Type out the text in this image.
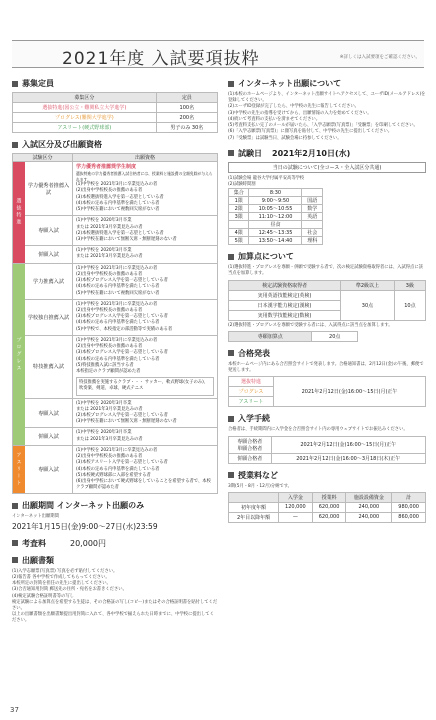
2021年度 入試要項抜粋	※詳しくは入試要項をご確認ください。
募集定員
募集区分	定員
選抜特進(図公立・難関私立大学進学)	100名
プログレス(難関大学進学)	200名
アスリート(硬式野球部)	男子のみ 30名
入試区分及び出願資格
試験区分	出願資格
選抜特進
学力優秀者推薦入試
学力優秀者推薦奨学生制度
選抜特進の学力優秀者推薦入試合格者には、授業料と施設費の全額免除が与えられます。
(1)中学校を 2021年3月に卒業見込みの者
(2)出身中学校校長の推薦のある者
(3)本校選抜特進入学を第一志望としている者
(4)本校の定める内申基準を満たしている者
(5)中学校在籍において複数回欠席がない者
専願入試
(1)中学校を 2020年3月卒業
または 2021年3月卒業見込みの者
(2)本校選抜特進入学を第一志望としている者
(3)中学校在籍において無断欠席・無断遅刻のない者
併願入試
(1)中学校を 2020年3月卒業
または 2021年3月卒業見込みの者
プログレス
学力推薦入試
(1)中学校を 2021年3月に卒業見込みの者
(2)出身中学校校長の推薦のある者
(3)本校プログレス入学を第一志望としている者
(4)本校の定める内申基準を満たしている者
(5)中学校在籍において複数回欠席がない者
学校独自推薦入試
(1)中学校を 2021年3月に卒業見込みの者
(2)出身中学校校長の推薦のある者
(3)本校プログレス入学を第一志望としている者
(4)本校の定める内申基準を満たしている者
(5)中学校で、本校指定の部活動等で実績のある者
特技推薦入試
(1)中学校を 2021年3月に卒業見込みの者
(2)出身中学校校長の推薦のある者
(3)本校プログレス入学を第一志望としている者
(4)本校の定める内申基準を満たしている者
(5)特技推薦入試に該当する者
本校指定のクラブ顧問が認めた者
特技推薦を実施するクラブ・・・ サッカー、軟式野球(女子のみ)、吹奏楽、剣道、卓球、硬式テニス
専願入試
(1)中学校を 2020年3月卒業
または 2021年3月卒業見込みの者
(2)本校プログレス入学を第一志望としている者
(3)中学校在籍において無断欠席・無断遅刻のない者
併願入試
(1)中学校を 2020年3月卒業
または 2021年3月卒業見込みの者
アスリート	専願入試
(1)中学校を 2021年3月に卒業見込みの者
(2)出身中学校校長の推薦のある者
(3)本校アスリート入学を第一志望としている者
(4)本校の定める内申基準を満たしている者
(5)本校硬式野球部に入部を希望する者
(6)出身中学校において硬式野球をしていることを希望する者で、本校クラブ顧問が認めた者
出願期間 インターネット出願のみ
インターネット出願期間
2021年1月15日(金)9:00〜27日(水)23:59
考査料	20,000円
出願書類
(1)入学志願票(写真票) 写真を必ず貼付してください。
(2)報告書 各中学校で作成してもらってください。
本校所定の封筒を担任の先生に提出してください。
(3)合否通知用封筒 郵送先の住所・宛名をお書きください。
(4)検定試験合格証明書等の写し
検定試験による加算点を希望する生徒は、その合格証の写し(コピー)またはその合格証明書を貼付してください。
以上の出願書類を出願書類提出用封筒に入れて、各中学校で揃えられた日時までに、中学校に提出してください。
インターネット出願について
(1)本校のホームページより、インターネット出願サイトへアクセスして、ユーザID(メールアドレス)を登録してください。
(2)ユーザID登録が完了したら、中学校の先生に報告してください。
(3)中学校の先生の指導を受けてから、出願情報の入力を始めてください。
(4)続いて考査料の支払いを済ませてください。
(5)考査料支払い完了のメールが届いたら、「入学志願票(写真票)」「受験票」を印刷してください。
(6)「入学志願票(写真票)」に顔写真を貼付して、中学校の先生に提出してください。
(7)「受験票」は試験当日、試験会場に持参してください。
試験日 2021年2月10日(水)
当日の試験について(全コース・全入試区分共通)
(1)試験会場 龍谷大学付属平安高等学校
(2)試験時間割
集合	8:30	
1限	9:00〜9:50	国語
2限	10:05〜10:55	数学
3限	11:10〜12:00	英語
	昼食	
4限	12:45〜13:35	社会
5限	13:50〜14:40	理科
加算点について
(1)選抜特進・プログレスを専願・併願で受験する者で、次の検定試験資格取得者には、入試得点に該当点を加算します。
検定試験資格取得者	準2級以上	3級
実用英語技能検定(英検)	30点	10点
日本漢字能力検定(漢検)		
実用数学技能検定(数検)		
(2)選抜特進・プログレスを専願で受験する者には、入試得点に該当点を加算します。
専願加算点	20点
合格発表
本校ホームページ内にある合否照会サイトで発表します。合格通知書は、2月12日(金)の午後、郵便で発送します。
選抜特進	2021年2月12日(金)16:00〜15日(月)正午
プログレス
アスリート
入学手続
合格者は、手続期間内に入学金を合否照会サイト内の専用ウェブサイトでお振込みください。
専願合格者
単願合格者	2021年2月12日(金)16:00〜15日(月)正午
併願合格者	2021年2月12日(金)16:00〜3月18日(木)正午
授業料など
3期(5月・8月・12月)分納です。
	入学金	授業料	施設設備資金	計
初年度年額	120,000	620,000	240,000	980,000
2年目以降年額	—	620,000	240,000	860,000
37
